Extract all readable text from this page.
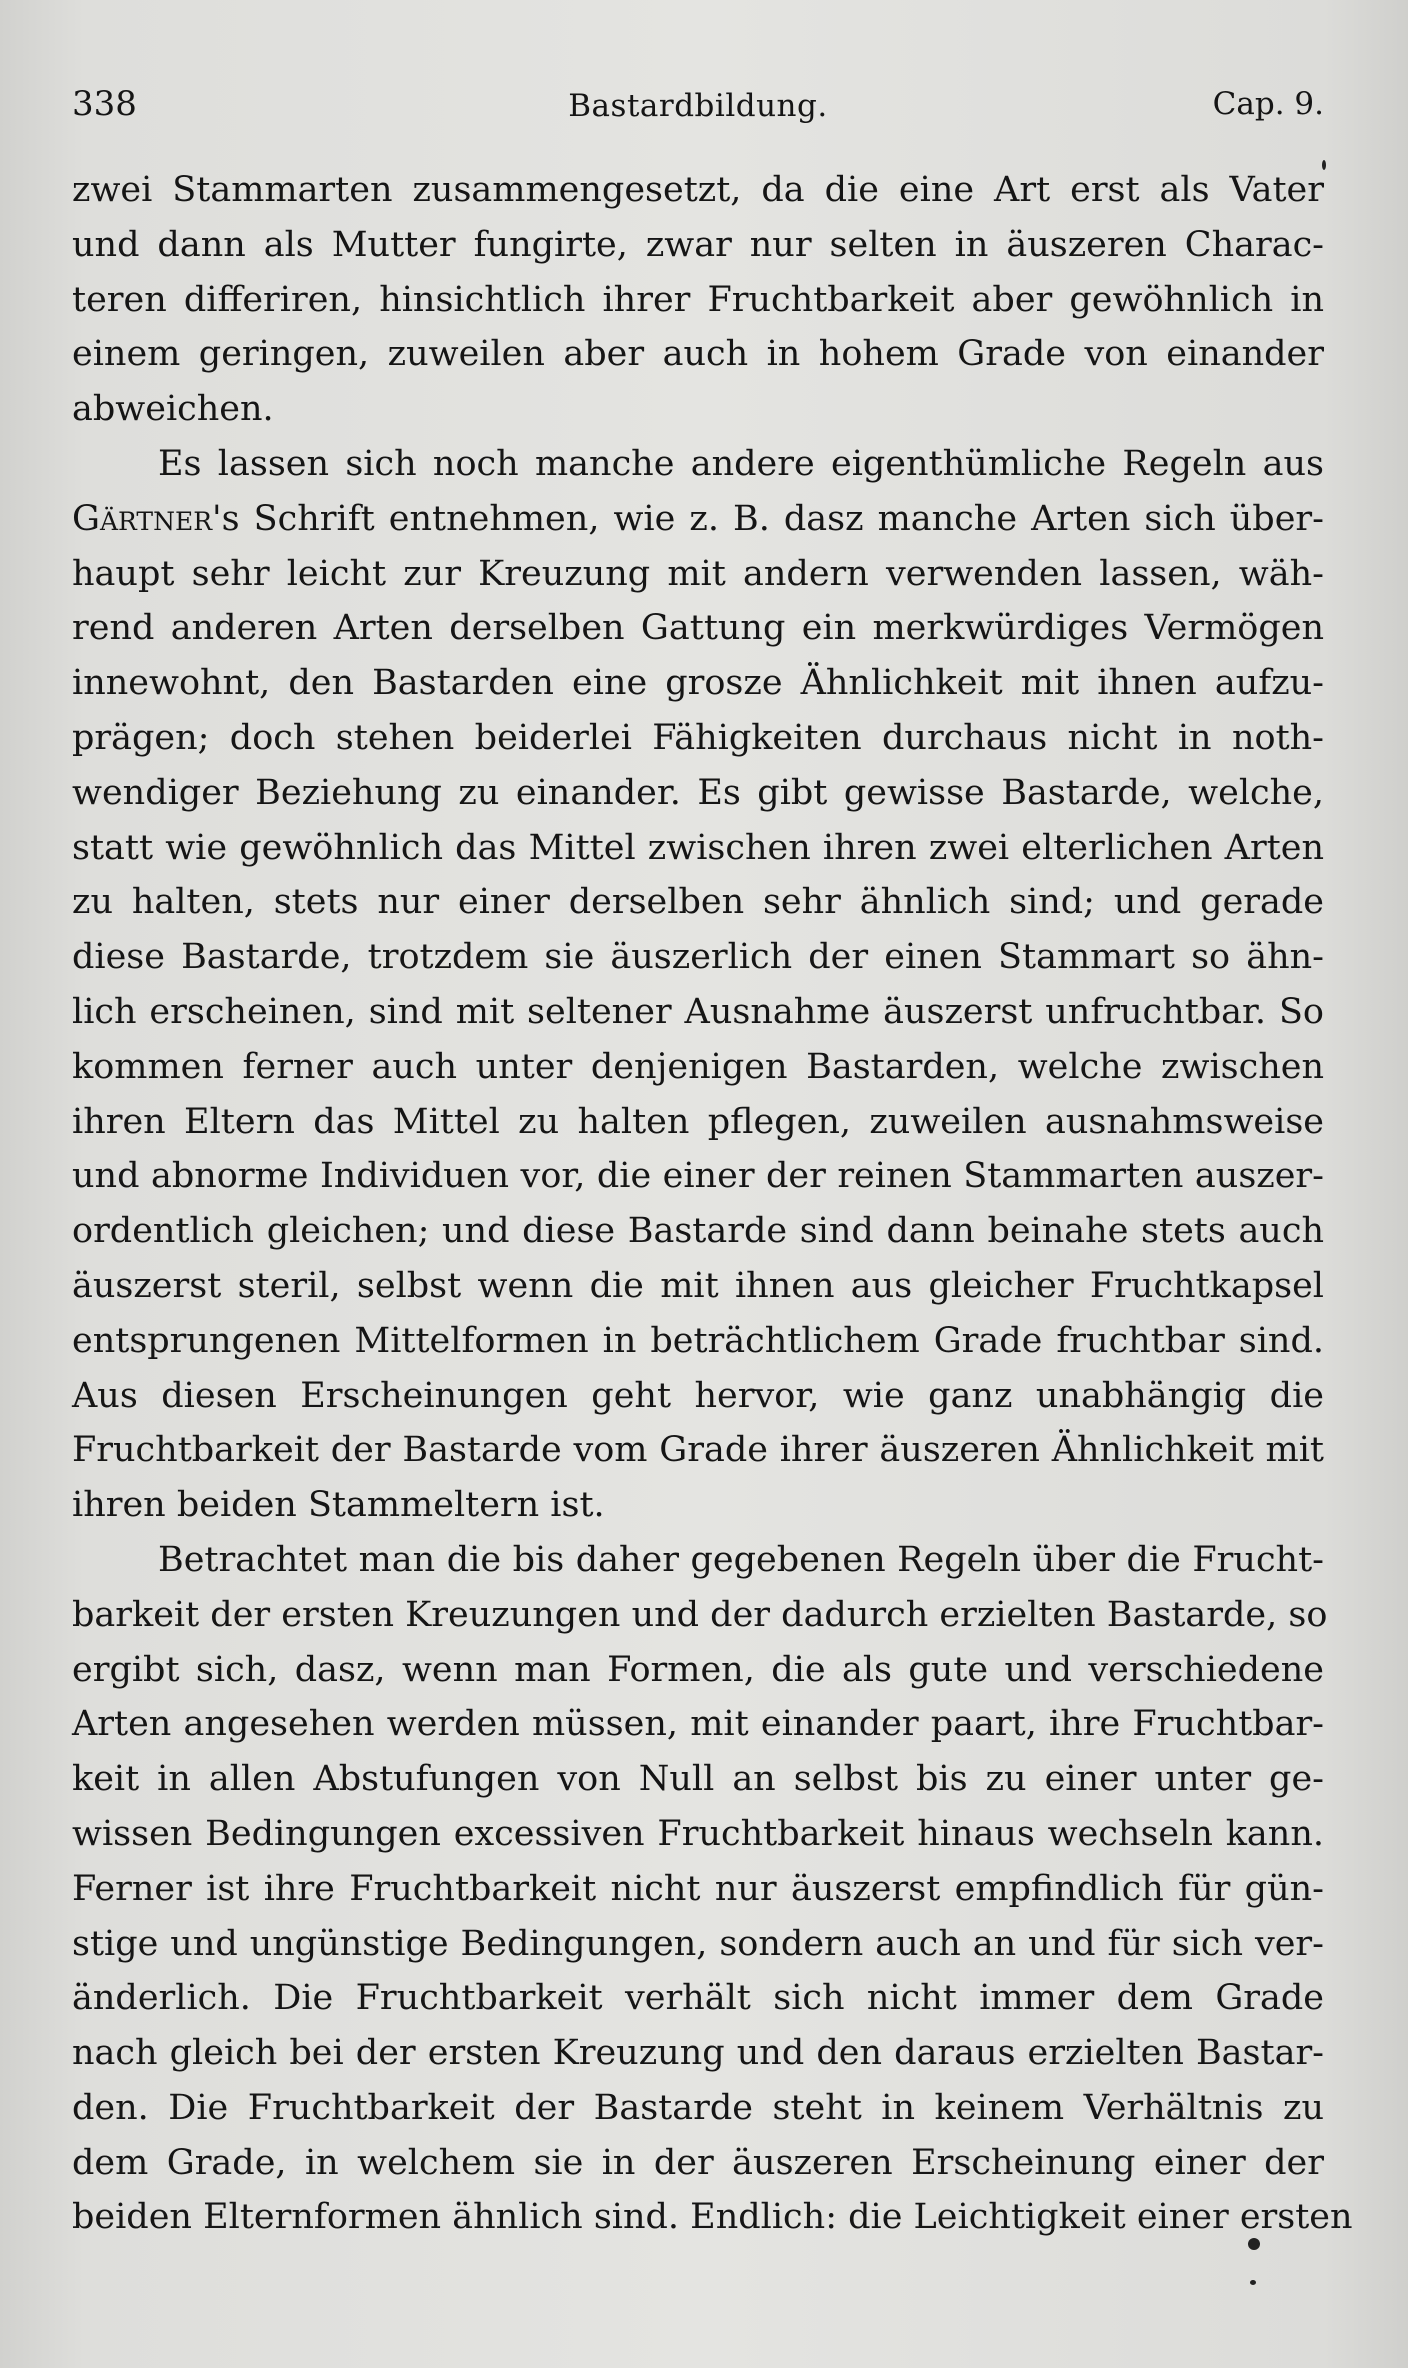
338	Bastardbildung.	Cap. 9.
zwei Stammarten zusammengesetzt, da die eine Art erst als Vater
und dann als Mutter fungirte, zwar nur selten in äuszeren Charac-
teren differiren, hinsichtlich ihrer Fruchtbarkeit aber gewöhnlich in
einem geringen, zuweilen aber auch in hohem Grade von einander
abweichen.
Es lassen sich noch manche andere eigenthümliche Regeln aus
Gärtner's Schrift entnehmen, wie z. B. dasz manche Arten sich über-
haupt sehr leicht zur Kreuzung mit andern verwenden lassen, wäh-
rend anderen Arten derselben Gattung ein merkwürdiges Vermögen
innewohnt, den Bastarden eine grosze Ähnlichkeit mit ihnen aufzu-
prägen; doch stehen beiderlei Fähigkeiten durchaus nicht in noth-
wendiger Beziehung zu einander. Es gibt gewisse Bastarde, welche,
statt wie gewöhnlich das Mittel zwischen ihren zwei elterlichen Arten
zu halten, stets nur einer derselben sehr ähnlich sind; und gerade
diese Bastarde, trotzdem sie äuszerlich der einen Stammart so ähn-
lich erscheinen, sind mit seltener Ausnahme äuszerst unfruchtbar. So
kommen ferner auch unter denjenigen Bastarden, welche zwischen
ihren Eltern das Mittel zu halten pflegen, zuweilen ausnahmsweise
und abnorme Individuen vor, die einer der reinen Stammarten auszer-
ordentlich gleichen; und diese Bastarde sind dann beinahe stets auch
äuszerst steril, selbst wenn die mit ihnen aus gleicher Fruchtkapsel
entsprungenen Mittelformen in beträchtlichem Grade fruchtbar sind.
Aus diesen Erscheinungen geht hervor, wie ganz unabhängig die
Fruchtbarkeit der Bastarde vom Grade ihrer äuszeren Ähnlichkeit mit
ihren beiden Stammeltern ist.
Betrachtet man die bis daher gegebenen Regeln über die Frucht-
barkeit der ersten Kreuzungen und der dadurch erzielten Bastarde, so
ergibt sich, dasz, wenn man Formen, die als gute und verschiedene
Arten angesehen werden müssen, mit einander paart, ihre Fruchtbar-
keit in allen Abstufungen von Null an selbst bis zu einer unter ge-
wissen Bedingungen excessiven Fruchtbarkeit hinaus wechseln kann.
Ferner ist ihre Fruchtbarkeit nicht nur äuszerst empfindlich für gün-
stige und ungünstige Bedingungen, sondern auch an und für sich ver-
änderlich. Die Fruchtbarkeit verhält sich nicht immer dem Grade
nach gleich bei der ersten Kreuzung und den daraus erzielten Bastar-
den. Die Fruchtbarkeit der Bastarde steht in keinem Verhältnis zu
dem Grade, in welchem sie in der äuszeren Erscheinung einer der
beiden Elternformen ähnlich sind. Endlich: die Leichtigkeit einer ersten
